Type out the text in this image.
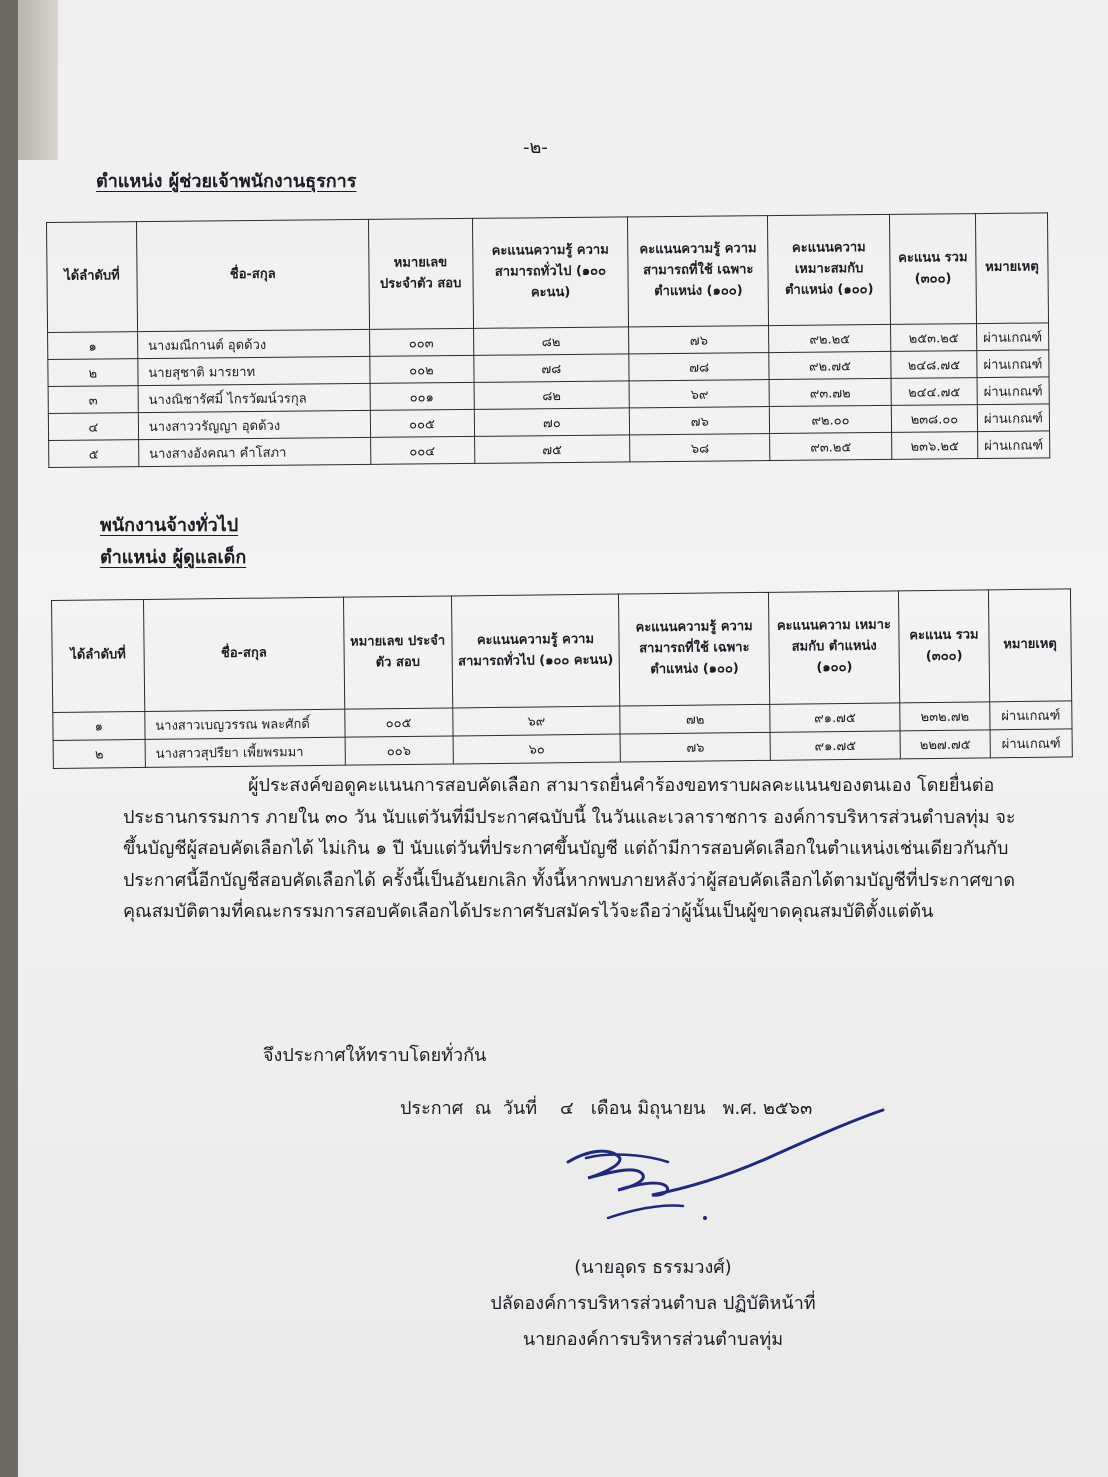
-๒-
ตำแหน่ง ผู้ช่วยเจ้าพนักงานธุรการ
ได้ลำดับที่	ชื่อ-สกุล	หมายเลข ประจำตัว สอบ	คะแนนความรู้ ความสามารถทั่วไป (๑๐๐ คะนน)	คะแนนความรู้ ความสามารถที่ใช้ เฉพาะตำแหน่ง (๑๐๐)	คะแนนความ เหมาะสมกับ ตำแหน่ง (๑๐๐)	คะแนน รวม (๓๐๐)	หมายเหตุ
๑	นางมณีกานต์ อุดด้วง	๐๐๓	๘๒	๗๖	๙๒.๒๕	๒๕๓.๒๕	ผ่านเกณฑ์
๒	นายสุชาติ มารยาท	๐๐๒	๗๘	๗๘	๙๒.๗๕	๒๔๘.๗๕	ผ่านเกณฑ์
๓	นางณิชารัศมิ์ ไกรวัฒน์วรกุล	๐๐๑	๘๒	๖๙	๙๓.๗๒	๒๔๔.๗๕	ผ่านเกณฑ์
๔	นางสาววรัญญา อุดด้วง	๐๐๕	๗๐	๗๖	๙๒.๐๐	๒๓๘.๐๐	ผ่านเกณฑ์
๕	นางสางอังคณา คำโสภา	๐๐๔	๗๕	๖๘	๙๓.๒๕	๒๓๖.๒๕	ผ่านเกณฑ์
พนักงานจ้างทั่วไป
ตำแหน่ง ผู้ดูแลเด็ก
ได้ลำดับที่	ชื่อ-สกุล	หมายเลข ประจำตัว สอบ	คะแนนความรู้ ความสามารถทั่วไป (๑๐๐ คะนน)	คะแนนความรู้ ความสามารถที่ใช้ เฉพาะตำแหน่ง (๑๐๐)	คะแนนความ เหมาะสมกับ ตำแหน่ง (๑๐๐)	คะแนน รวม (๓๐๐)	หมายเหตุ
๑	นางสาวเบญวรรณ พละศักดิ์	๐๐๕	๖๙	๗๒	๙๑.๗๕	๒๓๒.๗๒	ผ่านเกณฑ์
๒	นางสาวสุปรียา เพี้ยพรมมา	๐๐๖	๖๐	๗๖	๙๑.๗๕	๒๒๗.๗๕	ผ่านเกณฑ์
ผู้ประสงค์ขอดูคะแนนการสอบคัดเลือก สามารถยื่นคำร้องขอทราบผลคะแนนของตนเอง โดยยื่นต่อประธานกรรมการ ภายใน ๓๐ วัน นับแต่วันที่มีประกาศฉบับนี้ ในวันและเวลาราชการ องค์การบริหารส่วนตำบลทุ่ม จะขึ้นบัญชีผู้สอบคัดเลือกได้ ไม่เกิน ๑ ปี นับแต่วันที่ประกาศขึ้นบัญชี แต่ถ้ามีการสอบคัดเลือกในตำแหน่งเช่นเดียวกันกับประกาศนี้อีกบัญชีสอบคัดเลือกได้ ครั้งนี้เป็นอันยกเลิก ทั้งนี้หากพบภายหลังว่าผู้สอบคัดเลือกได้ตามบัญชีที่ประกาศขาดคุณสมบัติตามที่คณะกรรมการสอบคัดเลือกได้ประกาศรับสมัครไว้จะถือว่าผู้นั้นเป็นผู้ขาดคุณสมบัติตั้งแต่ต้น
จึงประกาศให้ทราบโดยทั่วกัน
ประกาศ  ณ  วันที่    ๔   เดือน มิถุนายน   พ.ศ. ๒๕๖๓
(นายอุดร ธรรมวงศ์)
ปลัดองค์การบริหารส่วนตำบล ปฏิบัติหน้าที่
นายกองค์การบริหารส่วนตำบลทุ่ม
